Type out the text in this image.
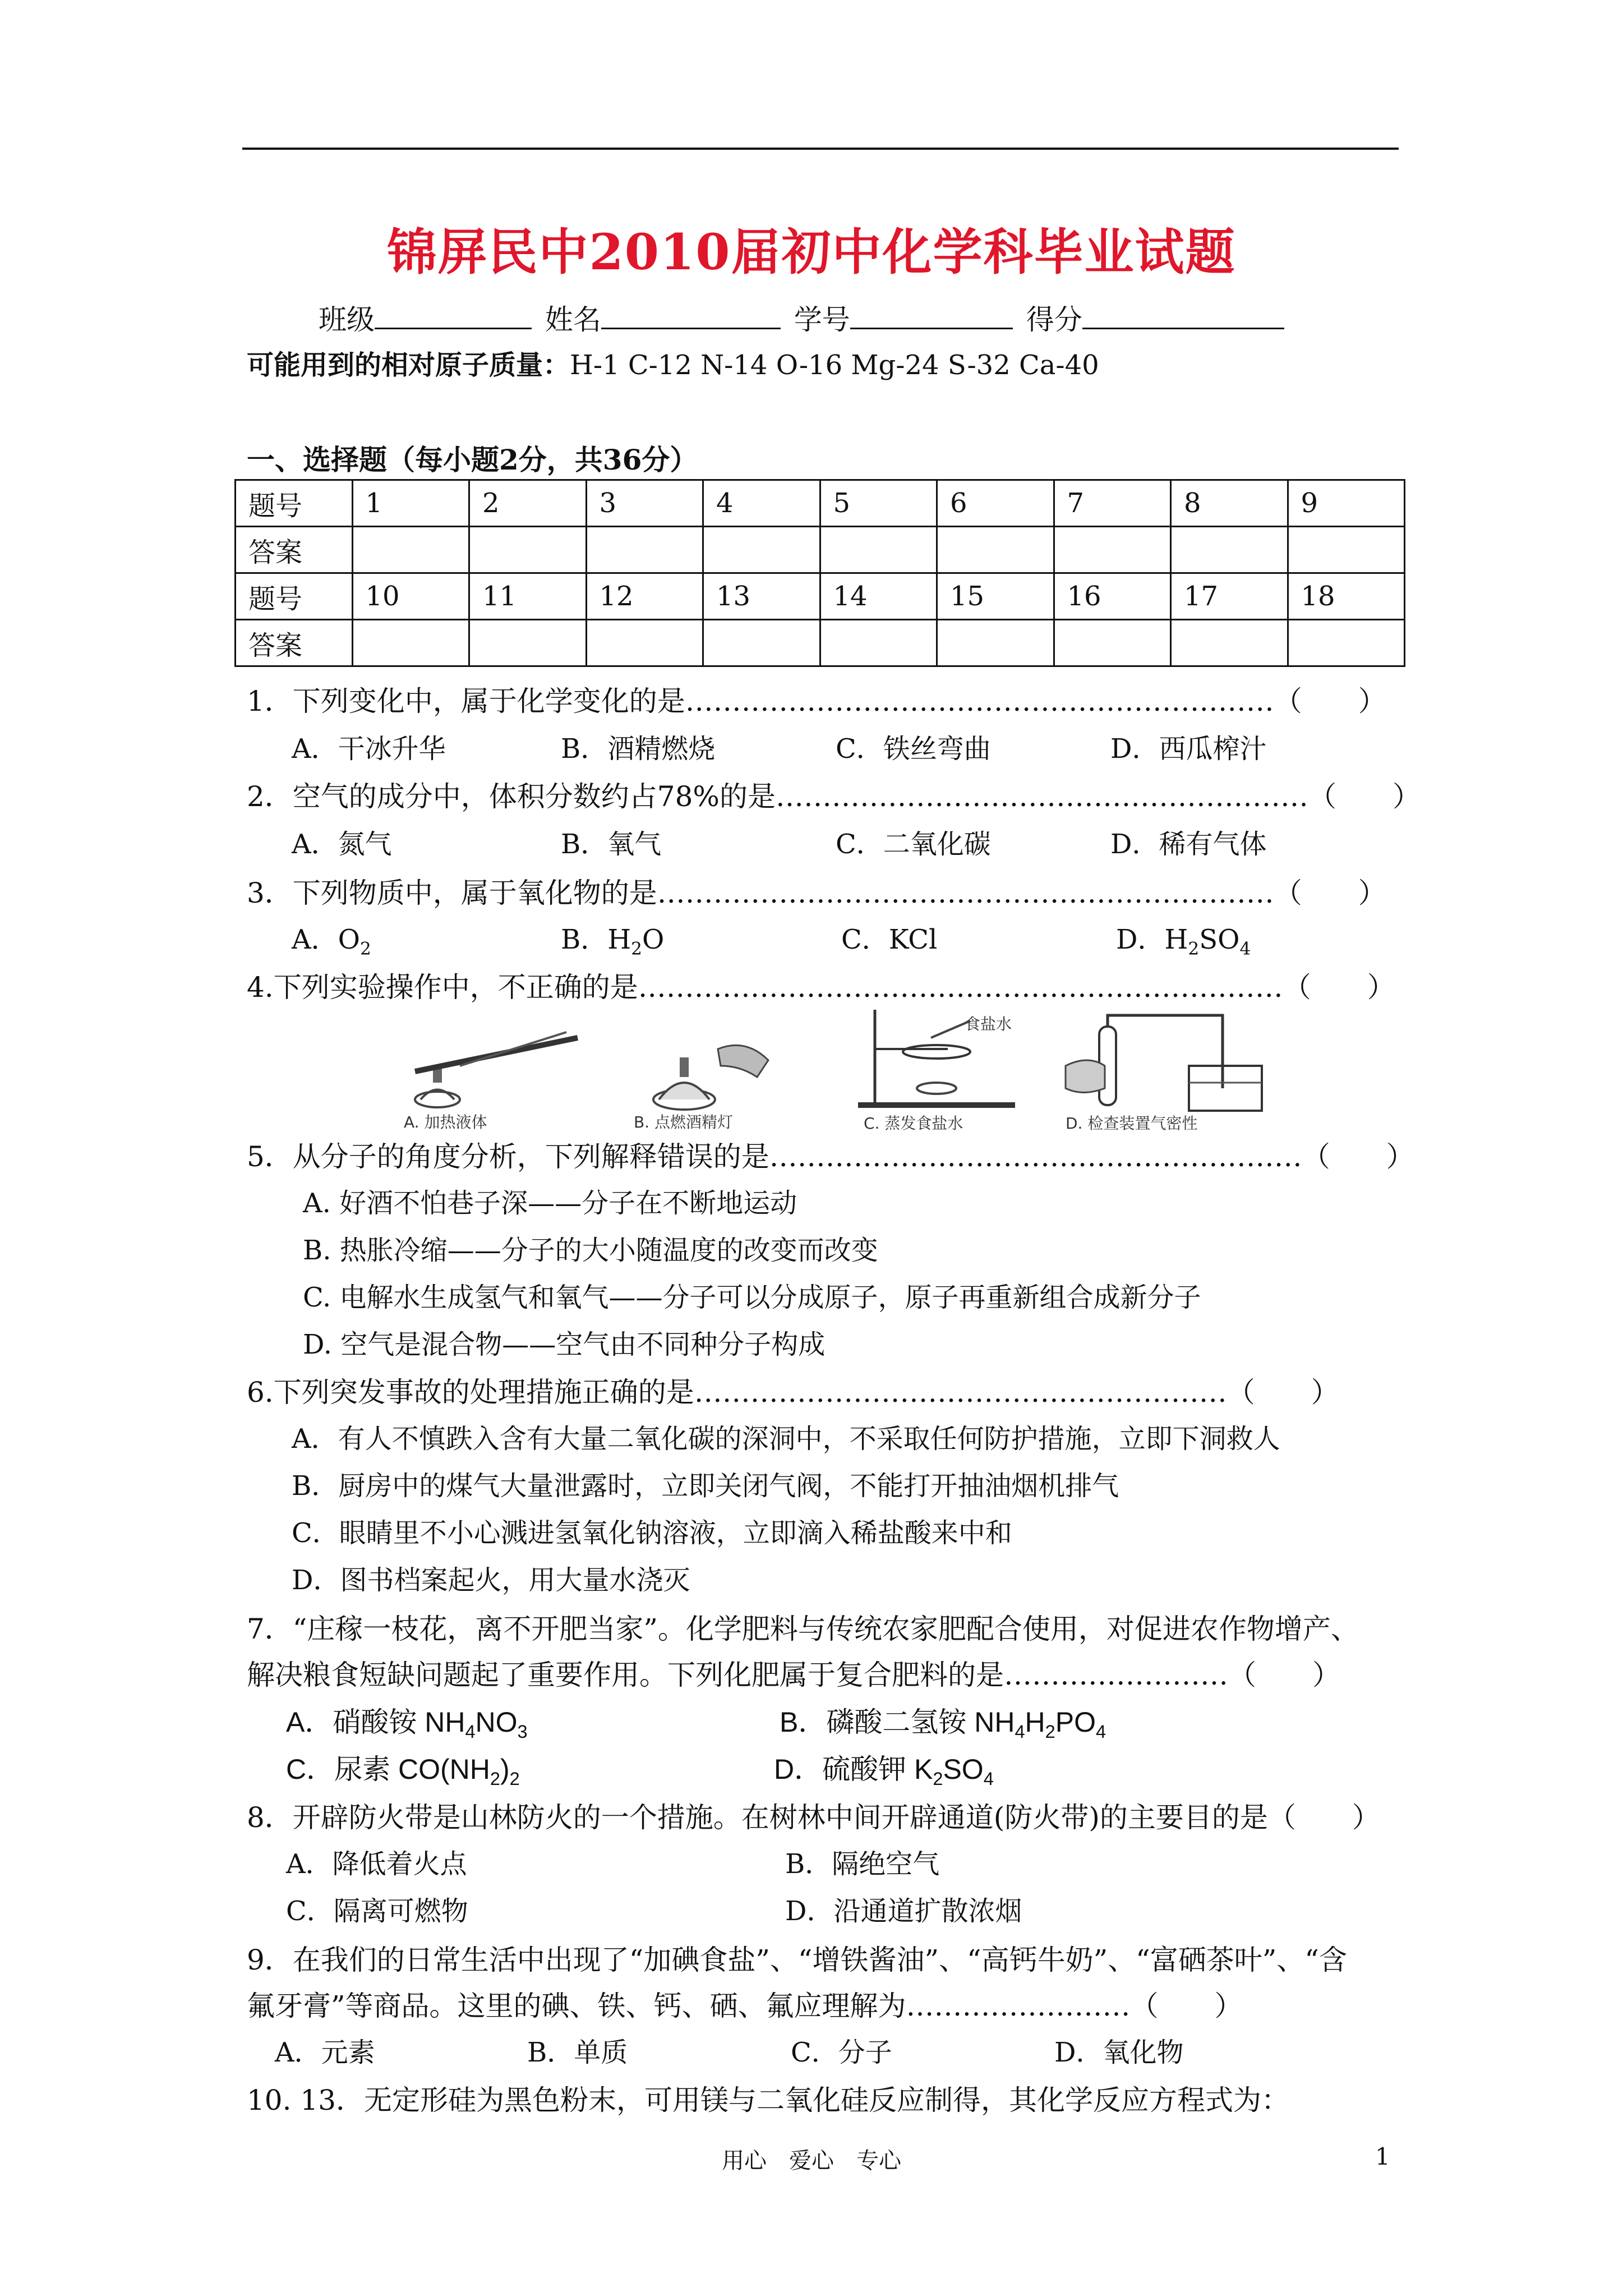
锦屏民中2010届初中化学科毕业试题
班级	姓名	学号	得分
可能用到的相对原子质量：H-1 C-12 N-14 O-16 Mg-24 S-32 Ca-40
一、选择题（每小题2分，共36分）
题号	1	2	3	4	5	6	7	8	9
答案									
题号	10	11	12	13	14	15	16	17	18
答案									
1．下列变化中，属于化学变化的是………………………………………………………（　　）
A．干冰升华	B．酒精燃烧	C．铁丝弯曲	D．西瓜榨汁
2．空气的成分中，体积分数约占78%的是…………………………………………………（　　）
A．氮气	B．氧气	C．二氧化碳	D．稀有气体
3．下列物质中，属于氧化物的是…………………………………………………………（　　）
A．$O_2$	B．$H_2O$	C．KCl	D．$H_2SO_4$
4.下列实验操作中，不正确的是……………………………………………………………（　　）
A. 加热液体	B. 点燃酒精灯
食盐水
C. 蒸发食盐水	D. 检查装置气密性
5．从分子的角度分析，下列解释错误的是…………………………………………………（　　）
A. 好酒不怕巷子深——分子在不断地运动
B. 热胀冷缩——分子的大小随温度的改变而改变
C. 电解水生成氢气和氧气——分子可以分成原子，原子再重新组合成新分子
D. 空气是混合物——空气由不同种分子构成
6.下列突发事故的处理措施正确的是…………………………………………………（　　）
A．有人不慎跌入含有大量二氧化碳的深洞中，不采取任何防护措施，立即下洞救人
B．厨房中的煤气大量泄露时，立即关闭气阀，不能打开抽油烟机排气
C．眼睛里不小心溅进氢氧化钠溶液，立即滴入稀盐酸来中和
D．图书档案起火，用大量水浇灭
7．“庄稼一枝花，离不开肥当家”。化学肥料与传统农家肥配合使用，对促进农作物增产、
解决粮食短缺问题起了重要作用。下列化肥属于复合肥料的是……………………（　　）
A．硝酸铵 $NH_4NO_3$	B．磷酸二氢铵 $NH_4H_2PO_4$
C．尿素 $CO(NH_2)_2$	D．硫酸钾 $K_2SO_4$
8．开辟防火带是山林防火的一个措施。在树林中间开辟通道(防火带)的主要目的是（　　）
A．降低着火点	B．隔绝空气
C．隔离可燃物	D．沿通道扩散浓烟
9．在我们的日常生活中出现了“加碘食盐”、“增铁酱油”、“高钙牛奶”、“富硒茶叶”、“含
氟牙膏”等商品。这里的碘、铁、钙、硒、氟应理解为……………………（　　）
A．元素	B．单质	C．分子	D．氧化物
10. 13．无定形硅为黑色粉末，可用镁与二氧化硅反应制得，其化学反应方程式为：
用心　爱心　专心	1
